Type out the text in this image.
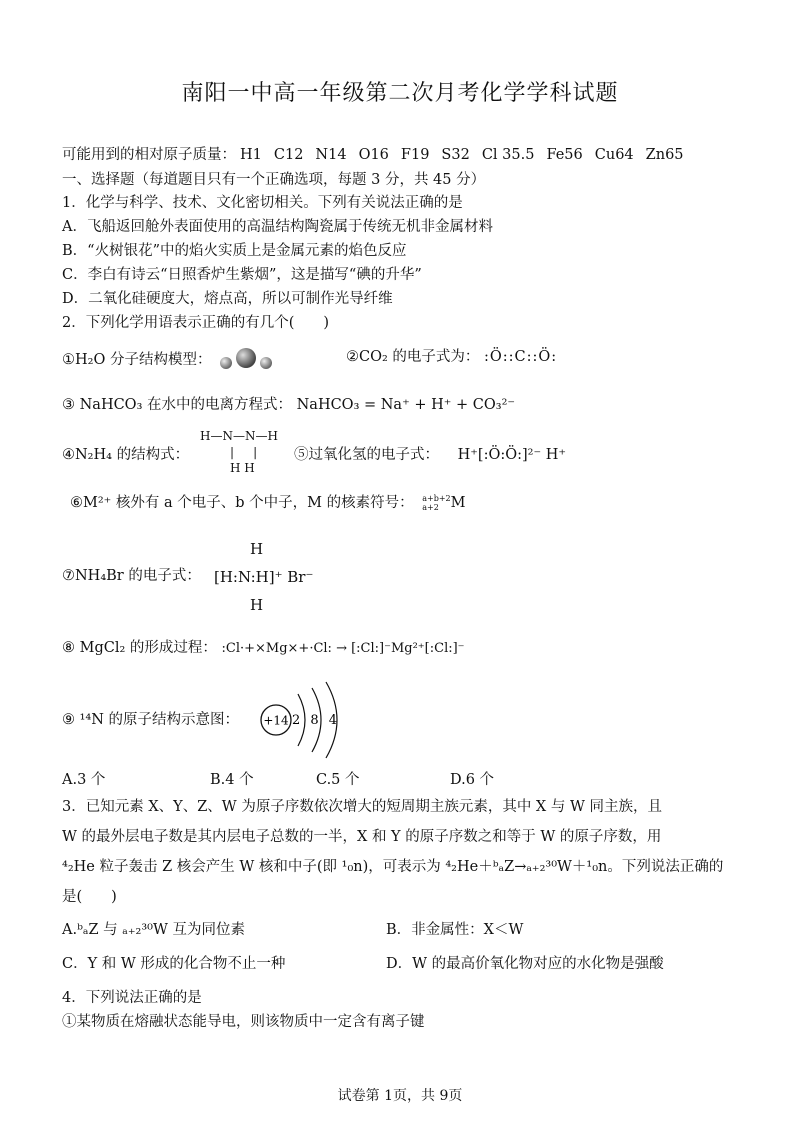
南阳一中高一年级第二次月考化学学科试题
可能用到的相对原子质量： H1 C12 N14 O16 F19 S32 Cl 35.5 Fe56 Cu64 Zn65
一、选择题（每道题目只有一个正确选项，每题 3 分，共 45 分）
1．化学与科学、技术、文化密切相关。下列有关说法正确的是
A．飞船返回舱外表面使用的高温结构陶瓷属于传统无机非金属材料
B．“火树银花”中的焰火实质上是金属元素的焰色反应
C．李白有诗云“日照香炉生紫烟”，这是描写“碘的升华”
D．二氧化硅硬度大，熔点高，所以可制作光导纤维
2．下列化学用语表示正确的有几个(　　)
①H₂O 分子结构模型：	②CO₂ 的电子式为： :Ö::C::Ö:
③ NaHCO₃ 在水中的电离方程式： NaHCO₃ = Na⁺ + H⁺ + CO₃²⁻
④N₂H₄ 的结构式：
H—N—N—H
|     |
H H
⑤过氧化氢的电子式： H⁺[:Ö:Ö:]²⁻ H⁺
⑥M²⁺ 核外有 a 个电子、b 个中子，M 的核素符号： a+b+2
a+2 M
⑦NH₄Br 的电子式：
H
[H:N:H]⁺ Br⁻
H
⑧ MgCl₂ 的形成过程： :Cl·+×Mg×+·Cl: → [:Cl:]⁻Mg²⁺[:Cl:]⁻
⑨ ¹⁴N 的原子结构示意图： +14 2 8 4
A.3 个	B.4 个	C.5 个	D.6 个
3．已知元素 X、Y、Z、W 为原子序数依次增大的短周期主族元素，其中 X 与 W 同主族，且
W 的最外层电子数是其内层电子总数的一半，X 和 Y 的原子序数之和等于 W 的原子序数，用
⁴₂He 粒子轰击 Z 核会产生 W 核和中子(即 ¹₀n)，可表示为 ⁴₂He＋ᵇₐZ→ₐ₊₂³⁰W＋¹₀n。下列说法正确的
是(　　)
A.ᵇₐZ 与 ₐ₊₂³⁰W 互为同位素	B．非金属性：X＜W
C．Y 和 W 形成的化合物不止一种	D．W 的最高价氧化物对应的水化物是强酸
4．下列说法正确的是
①某物质在熔融状态能导电，则该物质中一定含有离子键
试卷第 1页，共 9页
